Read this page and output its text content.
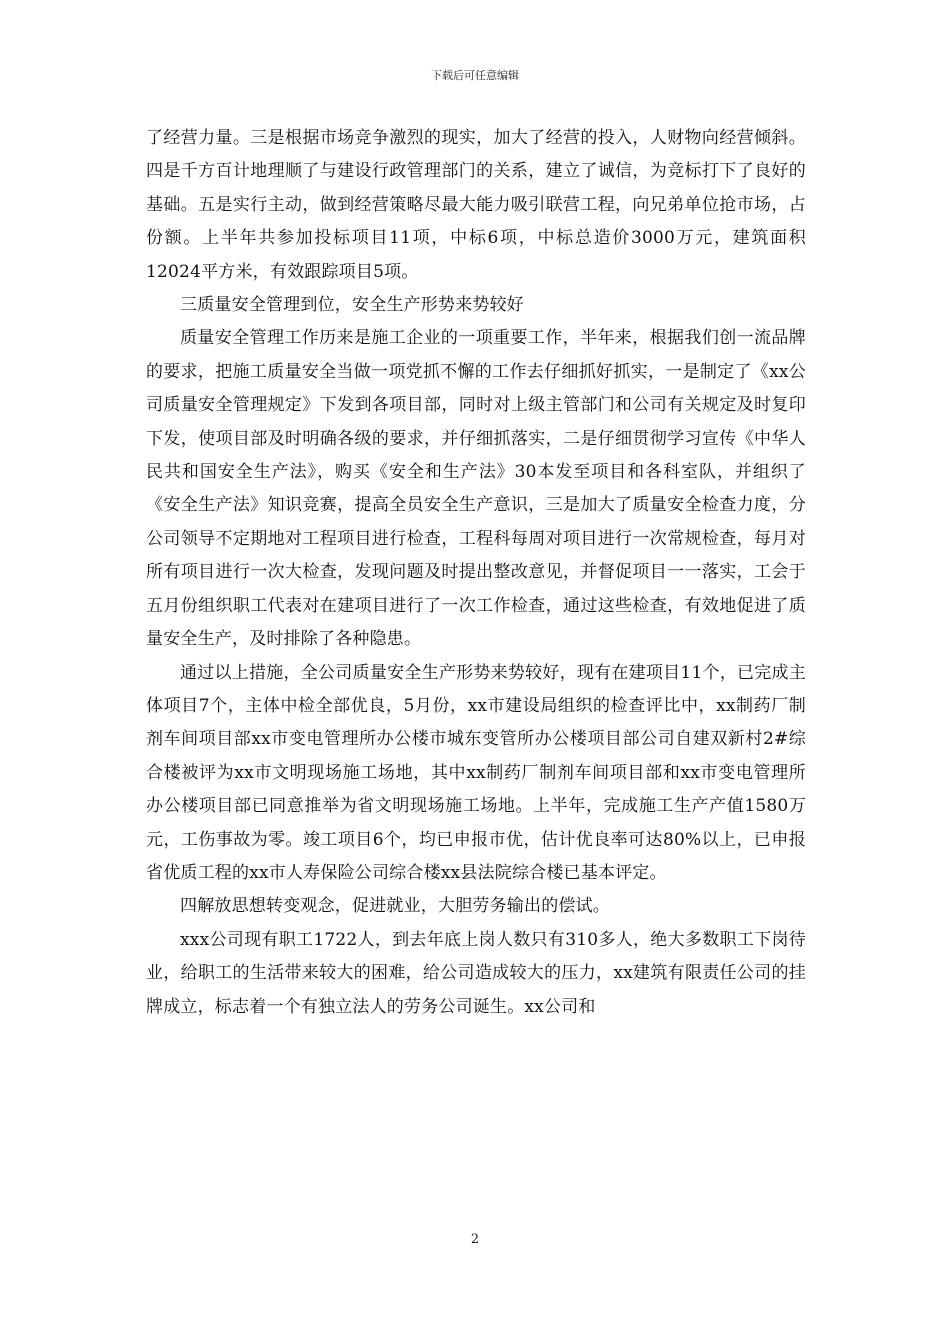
下载后可任意编辑

了经营力量。三是根据市场竞争激烈的现实，加大了经营的投入，人财物向经营倾斜。四是千方百计地理顺了与建设行政管理部门的关系，建立了诚信，为竞标打下了良好的基础。五是实行主动，做到经营策略尽最大能力吸引联营工程，向兄弟单位抢市场，占份额。上半年共参加投标项目11项，中标6项，中标总造价3000万元，建筑面积12024平方米，有效跟踪项目5项。

三质量安全管理到位，安全生产形势来势较好

质量安全管理工作历来是施工企业的一项重要工作，半年来，根据我们创一流品牌的要求，把施工质量安全当做一项党抓不懈的工作去仔细抓好抓实，一是制定了《xx公司质量安全管理规定》下发到各项目部，同时对上级主管部门和公司有关规定及时复印下发，使项目部及时明确各级的要求，并仔细抓落实，二是仔细贯彻学习宣传《中华人民共和国安全生产法》，购买《安全和生产法》30本发至项目和各科室队，并组织了《安全生产法》知识竞赛，提高全员安全生产意识，三是加大了质量安全检查力度，分公司领导不定期地对工程项目进行检查，工程科每周对项目进行一次常规检查，每月对所有项目进行一次大检查，发现问题及时提出整改意见，并督促项目一一落实，工会于五月份组织职工代表对在建项目进行了一次工作检查，通过这些检查，有效地促进了质量安全生产，及时排除了各种隐患。

通过以上措施，全公司质量安全生产形势来势较好，现有在建项目11个，已完成主体项目7个，主体中检全部优良，5月份，xx市建设局组织的检查评比中，xx制药厂制剂车间项目部xx市变电管理所办公楼市城东变管所办公楼项目部公司自建双新村2#综合楼被评为xx市文明现场施工场地，其中xx制药厂制剂车间项目部和xx市变电管理所办公楼项目部已同意推举为省文明现场施工场地。上半年，完成施工生产产值1580万元，工伤事故为零。竣工项目6个，均已申报市优，估计优良率可达80%以上，已申报省优质工程的xx市人寿保险公司综合楼xx县法院综合楼已基本评定。

四解放思想转变观念，促进就业，大胆劳务输出的偿试。

xxx公司现有职工1722人，到去年底上岗人数只有310多人，绝大多数职工下岗待业，给职工的生活带来较大的困难，给公司造成较大的压力，xx建筑有限责任公司的挂牌成立，标志着一个有独立法人的劳务公司诞生。xx公司和

2
